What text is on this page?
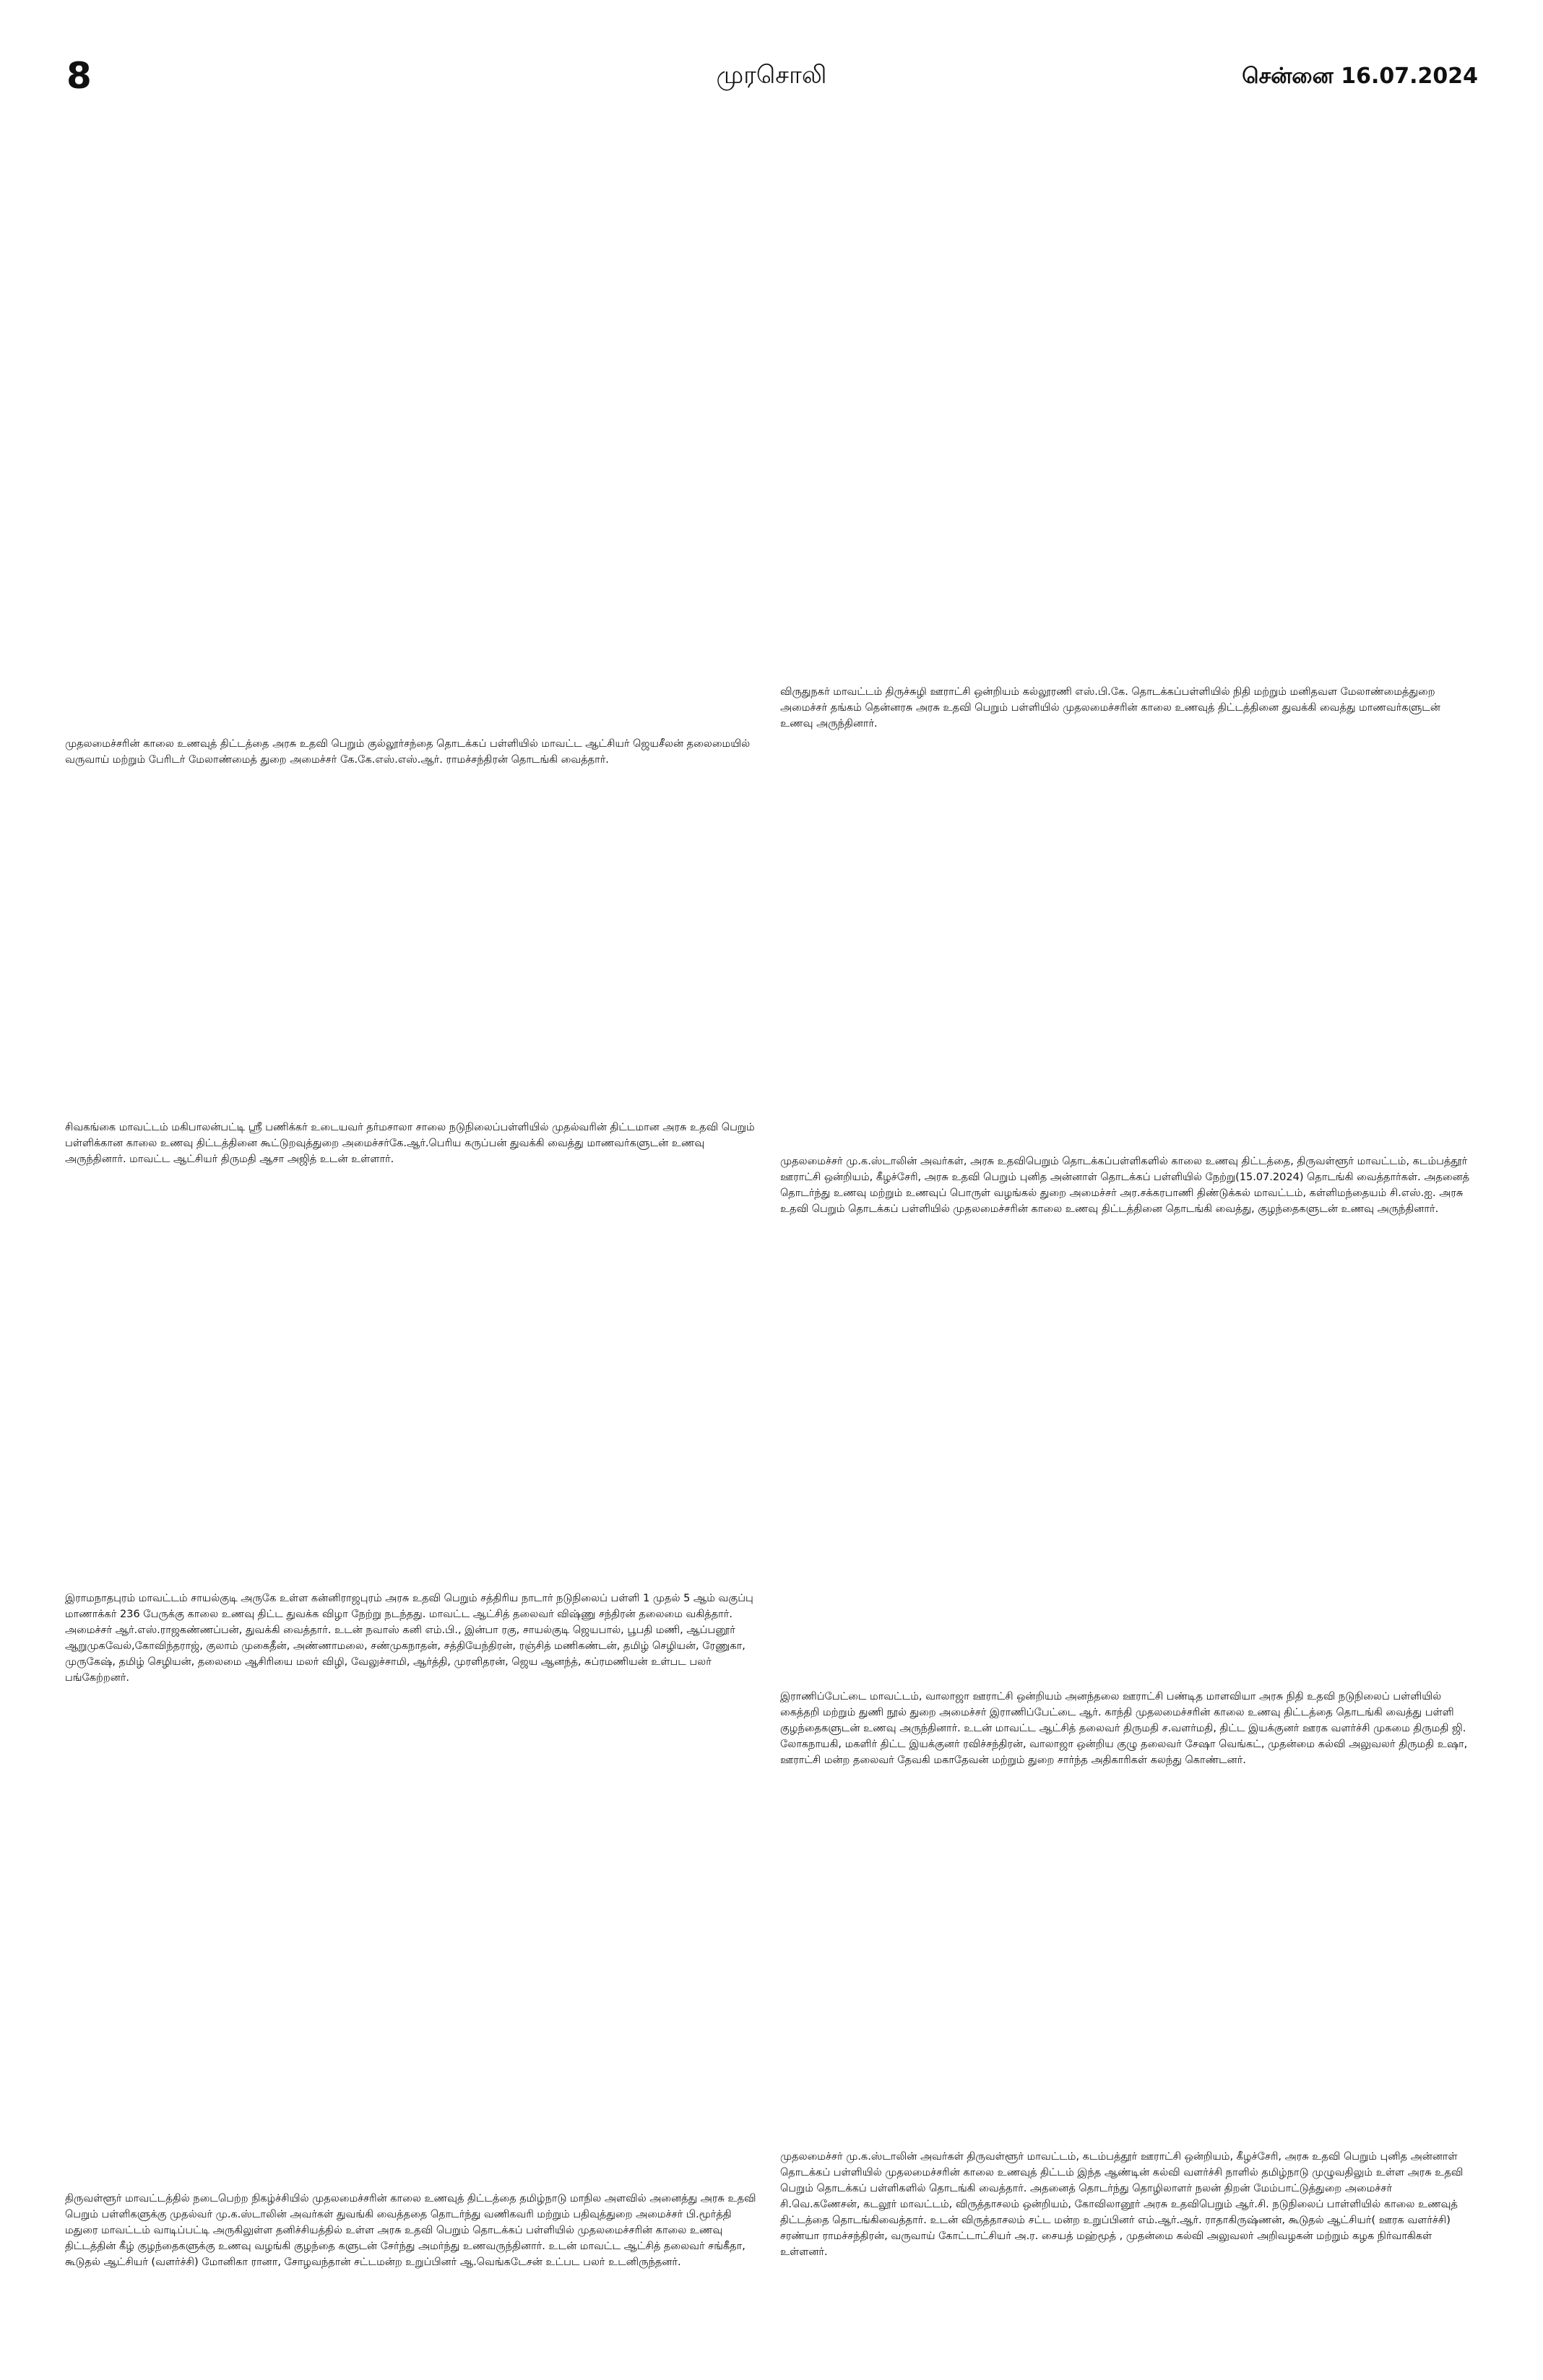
8	முரசொலி	சென்னை 16.07.2024

விருதுநகர் மாவட்டம் திருச்சுழி ஊராட்சி ஒன்றியம் கல்லூரணி எஸ்.பி.கே. தொடக்கப்பள்ளியில் நிதி மற்றும் மனிதவள மேலாண்மைத்துறை அமைச்சர் தங்கம் தென்னரசு அரசு உதவி பெறும் பள்ளியில் முதலமைச்சரின் காலை உணவுத் திட்டத்தினை துவக்கி வைத்து மாணவர்களுடன் உணவு அருந்தினார்.

முதலமைச்சரின் காலை உணவுத் திட்டத்தை அரசு உதவி பெறும் குல்லூர்சந்தை தொடக்கப் பள்ளியில் மாவட்ட ஆட்சியர் ஜெயசீலன் தலைமையில் வருவாய் மற்றும் பேரிடர் மேலாண்மைத் துறை அமைச்சர் கே.கே.எஸ்.எஸ்.ஆர். ராமச்சந்திரன் தொடங்கி வைத்தார்.

சிவகங்கை மாவட்டம் மகிபாலன்பட்டி ஸ்ரீ பணிக்கர் உடையவர் தர்மசாலா சாலை நடுநிலைப்பள்ளியில் முதல்வரின் திட்டமான அரசு உதவி பெறும் பள்ளிக்கான காலை உணவு திட்டத்தினை கூட்டுறவுத்துறை அமைச்சர்கே.ஆர்.பெரிய கருப்பன் துவக்கி வைத்து மாணவர்களுடன் உணவு அருந்தினார். மாவட்ட ஆட்சியர் திருமதி ஆசா அஜித் உடன் உள்ளார்.	முதலமைச்சர் மு.க.ஸ்டாலின் அவர்கள், அரசு உதவிபெறும் தொடக்கப்பள்ளிகளில் காலை உணவு திட்டத்தை, திருவள்ளூர் மாவட்டம், கடம்பத்தூர் ஊராட்சி ஒன்றியம், கீழச்சேரி, அரசு உதவி பெறும் புனித அன்னாள் தொடக்கப் பள்ளியில் நேற்று(15.07.2024) தொடங்கி வைத்தார்கள். அதனைத் தொடர்ந்து உணவு மற்றும் உணவுப் பொருள் வழங்கல் துறை அமைச்சர் அர.சக்கரபாணி திண்டுக்கல் மாவட்டம், கள்ளிமந்தையம் சி.எஸ்.ஐ. அரசு உதவி பெறும் தொடக்கப் பள்ளியில் முதலமைச்சரின் காலை உணவு திட்டத்தினை தொடங்கி வைத்து, குழந்தைகளுடன் உணவு அருந்தினார்.

இராமநாதபுரம் மாவட்டம் சாயல்குடி அருகே உள்ள கன்னிராஜபுரம் அரசு உதவி பெறும் சத்திரிய நாடார் நடுநிலைப் பள்ளி 1 முதல் 5 ஆம் வகுப்பு மாணாக்கர் 236 பேருக்கு காலை உணவு திட்ட துவக்க விழா நேற்று நடந்தது. மாவட்ட ஆட்சித் தலைவர் விஷ்ணு சந்திரன் தலைமை வகித்தார். அமைச்சர் ஆர்.எஸ்.ராஜகண்ணப்பன், துவக்கி வைத்தார். உடன் நவாஸ் கனி எம்.பி., இன்பா ரகு, சாயல்குடி ஜெயபால், பூபதி மணி, ஆப்பனூர் ஆறுமுகவேல்,கோவிந்தராஜ், குலாம் முகைதீன், அண்ணாமலை, சண்முகநாதன், சத்தியேந்திரன், ரஞ்சித் மணிகண்டன், தமிழ் செழியன், ரேணுகா, முருகேஷ், தமிழ் செழியன், தலைமை ஆசிரியை மலர் விழி, வேலுச்சாமி, ஆர்த்தி, முரளிதரன், ஜெய ஆனந்த், சுப்ரமணியன் உள்பட பலர் பங்கேற்றனர்.

இராணிப்பேட்டை மாவட்டம், வாலாஜா ஊராட்சி ஒன்றியம் அனந்தலை ஊராட்சி பண்டித மாளவியா அரசு நிதி உதவி நடுநிலைப் பள்ளியில் கைத்தறி மற்றும் துணி நூல் துறை அமைச்சர் இராணிப்பேட்டை ஆர். காந்தி முதலமைச்சரின் காலை உணவு திட்டத்தை தொடங்கி வைத்து பள்ளி குழந்தைகளுடன் உணவு அருந்தினார். உடன் மாவட்ட ஆட்சித் தலைவர் திருமதி ச.வளர்மதி, திட்ட இயக்குனர் ஊரக வளர்ச்சி முகமை திருமதி ஜி. லோகநாயகி, மகளிர் திட்ட இயக்குனர் ரவிச்சந்திரன், வாலாஜா ஒன்றிய குழு தலைவர் சேஷா வெங்கட், முதன்மை கல்வி அலுவலர் திருமதி உஷா, ஊராட்சி மன்ற தலைவர் தேவகி மகாதேவன் மற்றும் துறை சார்ந்த அதிகாரிகள் கலந்து கொண்டனர்.

முதலமைச்சர் மு.க.ஸ்டாலின் அவர்கள் திருவள்ளூர் மாவட்டம், கடம்பத்தூர் ஊராட்சி ஒன்றியம், கீழச்சேரி, அரசு உதவி பெறும் புனித அன்னாள் தொடக்கப் பள்ளியில் முதலமைச்சரின் காலை உணவுத் திட்டம் இந்த ஆண்டின் கல்வி வளர்ச்சி நாளில் தமிழ்நாடு முழுவதிலும் உள்ள அரசு உதவி பெறும் தொடக்கப் பள்ளிகளில் தொடங்கி வைத்தார். அதனைத் தொடர்ந்து தொழிலாளர் நலன் திறன் மேம்பாட்டுத்துறை அமைச்சர் சி.வெ.கணேசன், கடலூர் மாவட்டம், விருத்தாசலம் ஒன்றியம், கோவிலானூர் அரசு உதவிபெறும் ஆர்.சி. நடுநிலைப் பாள்ளியில் காலை உணவுத் திட்டத்தை தொடங்கிவைத்தார். உடன் விருத்தாசலம் சட்ட மன்ற உறுப்பினர் எம்.ஆர்.ஆர். ராதாகிருஷ்ணன், கூடுதல் ஆட்சியர்( ஊரக வளர்ச்சி) சரண்யா ராமச்சந்திரன், வருவாய் கோட்டாட்சியர் அ.ர. சையத் மஹ்மூத் , முதன்மை கல்வி அலுவலர் அறிவழகன் மற்றும் கழக நிர்வாகிகள் உள்ளனர்.

திருவள்ளூர் மாவட்டத்தில் நடைபெற்ற நிகழ்ச்சியில் முதலமைச்சரின் காலை உணவுத் திட்டத்தை தமிழ்நாடு மாநில அளவில் அனைத்து அரசு உதவி பெறும் பள்ளிகளுக்கு முதல்வர் மு.க.ஸ்டாலின் அவர்கள் துவங்கி வைத்ததை தொடர்ந்து வணிகவரி மற்றும் பதிவுத்துறை அமைச்சர் பி.மூர்த்தி மதுரை மாவட்டம் வாடிப்பட்டி அருகிலுள்ள தனிச்சியத்தில் உள்ள அரசு உதவி பெறும் தொடக்கப் பள்ளியில் முதலமைச்சரின் காலை உணவு திட்டத்தின் கீழ் குழந்தைகளுக்கு உணவு வழங்கி குழந்தை களுடன் சேர்ந்து அமர்ந்து உணவருந்தினார். உடன் மாவட்ட ஆட்சித் தலைவர் சங்கீதா, கூடுதல் ஆட்சியர் (வளர்ச்சி) மோனிகா ரானா, சோழவந்தான் சட்டமன்ற உறுப்பினர் ஆ.வெங்கடேசன் உட்பட பலர் உடனிருந்தனர்.
